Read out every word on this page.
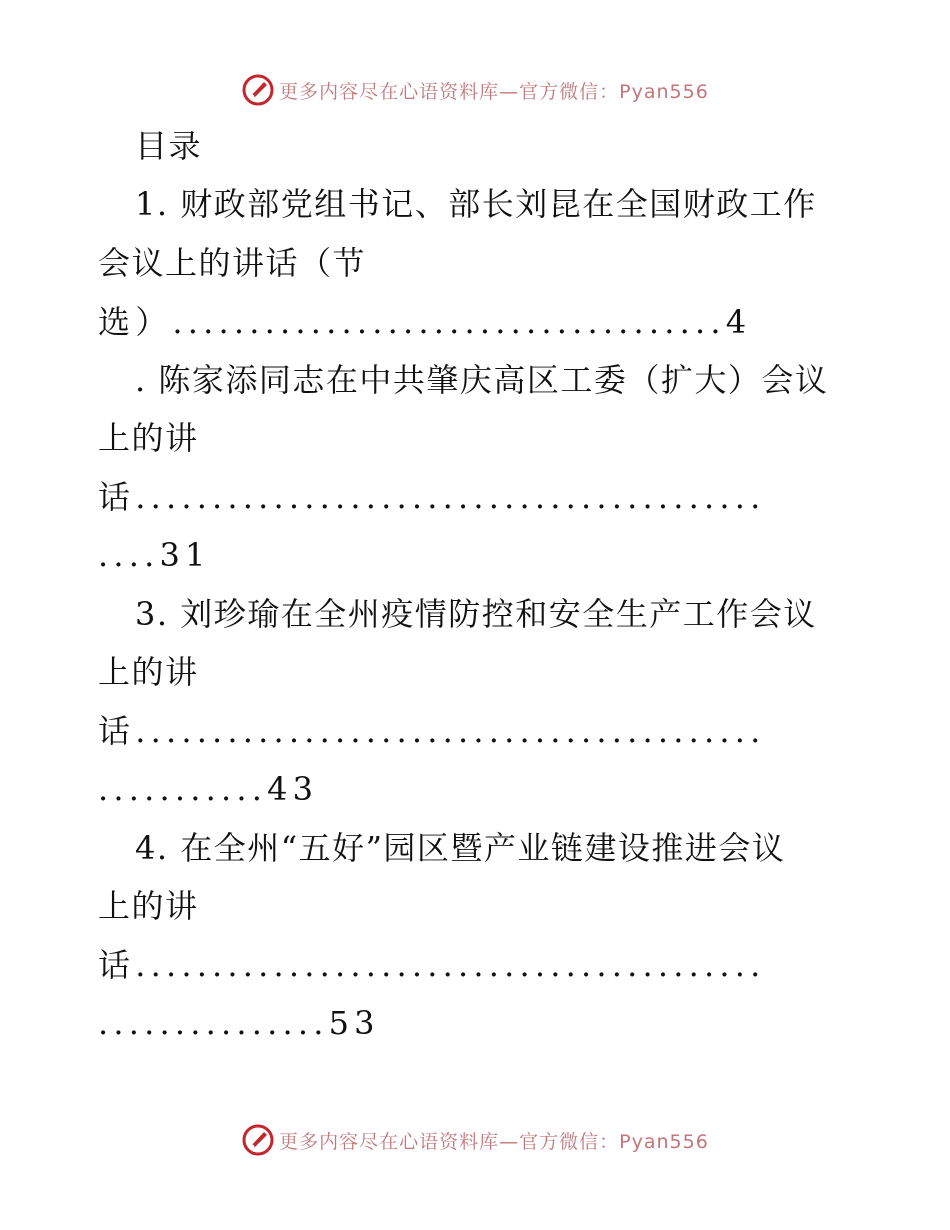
更多内容尽在心语资料库—官方微信：Pyan556
目录
1. 财政部党组书记、部长刘昆在全国财政工作
会议上的讲话（节
选）....................................4
. 陈家添同志在中共肇庆高区工委（扩大）会议
上的讲
话.........................................
....31
3. 刘珍瑜在全州疫情防控和安全生产工作会议
上的讲
话.........................................
...........43
4. 在全州“五好”园区暨产业链建设推进会议
上的讲
话.........................................
...............53
更多内容尽在心语资料库—官方微信：Pyan556
